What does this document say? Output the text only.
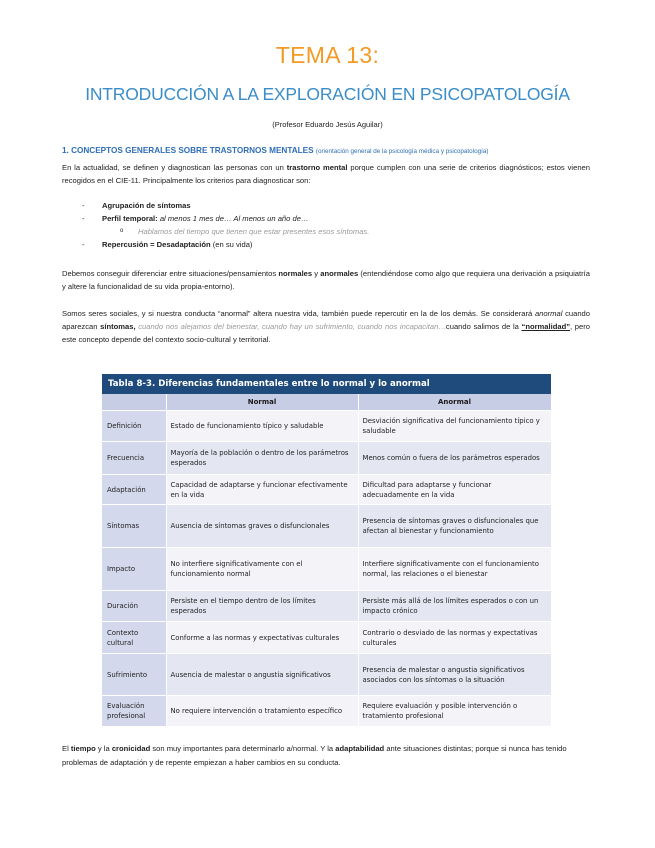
TEMA 13:
INTRODUCCIÓN A LA EXPLORACIÓN EN PSICOPATOLOGÍA
(Profesor Eduardo Jesús Aguilar)
1. CONCEPTOS GENERALES SOBRE TRASTORNOS MENTALES (orientación general de la psicología médica y psicopatología)
En la actualidad, se definen y diagnostican las personas con un trastorno mental porque cumplen con una serie de criterios diagnósticos; estos vienen recogidos en el CIE-11. Principalmente los criterios para diagnosticar son:
- Agrupación de síntomas
- Perfil temporal: al menos 1 mes de… Al menos un año de…
o Hablamos del tiempo que tienen que estar presentes esos síntomas.
- Repercusión = Desadaptación (en su vida)
Debemos conseguir diferenciar entre situaciones/pensamientos normales y anormales (entendiéndose como algo que requiera una derivación a psiquiatría y altere la funcionalidad de su vida propia-entorno).
Somos seres sociales, y si nuestra conducta “anormal” altera nuestra vida, también puede repercutir en la de los demás. Se considerará anormal cuando aparezcan síntomas, cuando nos alejamos del bienestar, cuando hay un sufrimiento, cuando nos incapacitan…cuando salimos de la “normalidad”, pero este concepto depende del contexto socio-cultural y territorial.
Tabla 8-3. Diferencias fundamentales entre lo normal y lo anormal
	Normal	Anormal
Definición	Estado de funcionamiento típico y saludable	Desviación significativa del funcionamiento típico y saludable
Frecuencia	Mayoría de la población o dentro de los parámetros esperados	Menos común o fuera de los parámetros esperados
Adaptación	Capacidad de adaptarse y funcionar efectivamente en la vida	Dificultad para adaptarse y funcionar adecuadamente en la vida
Síntomas	Ausencia de síntomas graves o disfuncionales	Presencia de síntomas graves o disfuncionales que afectan al bienestar y funcionamiento
Impacto	No interfiere significativamente con el funcionamiento normal	Interfiere significativamente con el funcionamiento normal, las relaciones o el bienestar
Duración	Persiste en el tiempo dentro de los límites esperados	Persiste más allá de los límites esperados o con un impacto crónico
Contexto cultural	Conforme a las normas y expectativas culturales	Contrario o desviado de las normas y expectativas culturales
Sufrimiento	Ausencia de malestar o angustia significativos	Presencia de malestar o angustia significativos asociados con los síntomas o la situación
Evaluación profesional	No requiere intervención o tratamiento específico	Requiere evaluación y posible intervención o tratamiento profesional
El tiempo y la cronicidad son muy importantes para determinarlo a/normal. Y la adaptabilidad ante situaciones distintas; porque si nunca has tenido problemas de adaptación y de repente empiezan a haber cambios en su conducta.
